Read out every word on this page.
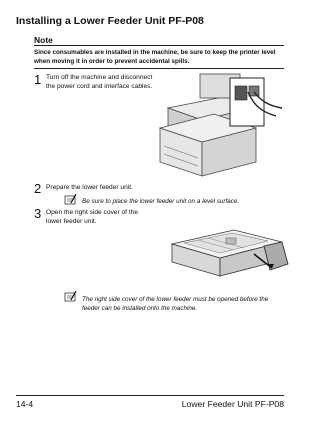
Installing a Lower Feeder Unit PF-P08
Note
Since consumables are installed in the machine, be sure to keep the printer level when moving it in order to prevent accidental spills.
1 Turn off the machine and disconnect the power cord and interface cables.
2 Prepare the lower feeder unit.
Be sure to place the lower feeder unit on a level surface.
3 Open the right side cover of the lower feeder unit.
The right side cover of the lower feeder must be opened before the feeder can be installed onto the machine.
14-4	Lower Feeder Unit PF-P08
